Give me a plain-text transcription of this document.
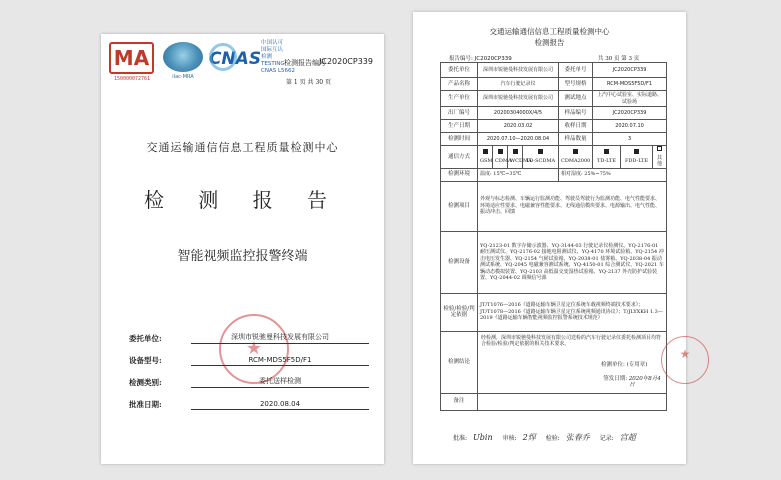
MA
150000072761	ilac-MRA
CNAS
中国认可
国际互认
检测
TESTING
CNAS L5662
检测报告编号
JC2020CP339
第 1 页 共 30 页
交通运输通信信息工程质量检测中心
检 测 报 告
智能视频监控报警终端
★
委托单位:	深圳市锐驰曼科技发展有限公司
设备型号:	RCM-MDS5F5D/F1
检测类别:	委托送样检测
批准日期:	2020.08.04
交通运输通信信息工程质量检测中心
检测报告
报告编号: JC2020CP339	共 30 页 第 3 页
委托单位	深圳市锐驰曼科技发展有限公司				委托单号	JC2020CP339		
产品名称	汽车行驶记录仪				型号规格	RCM-MDS5F5D/F1		
生产单位	深圳市锐驰曼科技发展有限公司				测试地点	上汽中心试验室、实际道路、试验场		
出厂编号	20200304000X/4/5				样品编号	JC2020CP339		
生产日期	2020.03.02				收样日期	2020.07.10		
检测时间	2020.07.10—2020.08.04				样品数量	3		
通信方式	GSM	CDMA	WCDMA	TD-SCDMA	CDMA2000	TD-LTE	FDD-LTE	其他
检测环境	温度: 15℃~35℃				相对湿度: 25%~75%			
检测项目	外观与标志检测、车辆运行监测功能、驾驶员驾驶行为监测功能、电气性能要求、环境适应性要求、电磁兼容性能要求、无线通信模块要求、电源输出、电气性能、振动冲击、回馈							
检测设备	YQ-2123-01 数字存储示波器、YQ-3144-03 行驶记录仪检测仪、YQ-2176-01 耐压测试仪、YQ-2176-02 接地电阻测试仪、YQ-4170 环境试验箱、YQ-2154 冲击电压发生器、YQ-2154 气候试验箱、YQ-2038-01 盐雾箱、YQ-2038-04 振动测试系统、YQ-2045 电磁兼容测试系统、YQ-4150-01 综合测试仪、YQ-2021 车辆动态模拟装置、YQ-2103 高低温交变湿热试验箱、YQ-2137 外壳防护试验装置、YQ-2044-02 调频信号源							
检验/检验/判定依据	JT/T1076—2016《道路运输车辆卫星定位系统车载视频终端技术要求》；JT/T1078—2016《道路运输车辆卫星定位系统视频通讯协议》；T/JLYXKH 1.3—2019《道路运输车辆智能视频监控报警系统技术规范》							
检测结论	
★
经检测，深圳市锐驰曼科技发展有限公司送检的汽车行驶记录仪委托检测项目均符合检验/检验/判定依据的相关技术要求。
检测单位: (专用章)
签发日期: 2020年8月4日

备注								
批准: Ubin 审核: 2焊 检验: 张春乔 记录: 宫超
